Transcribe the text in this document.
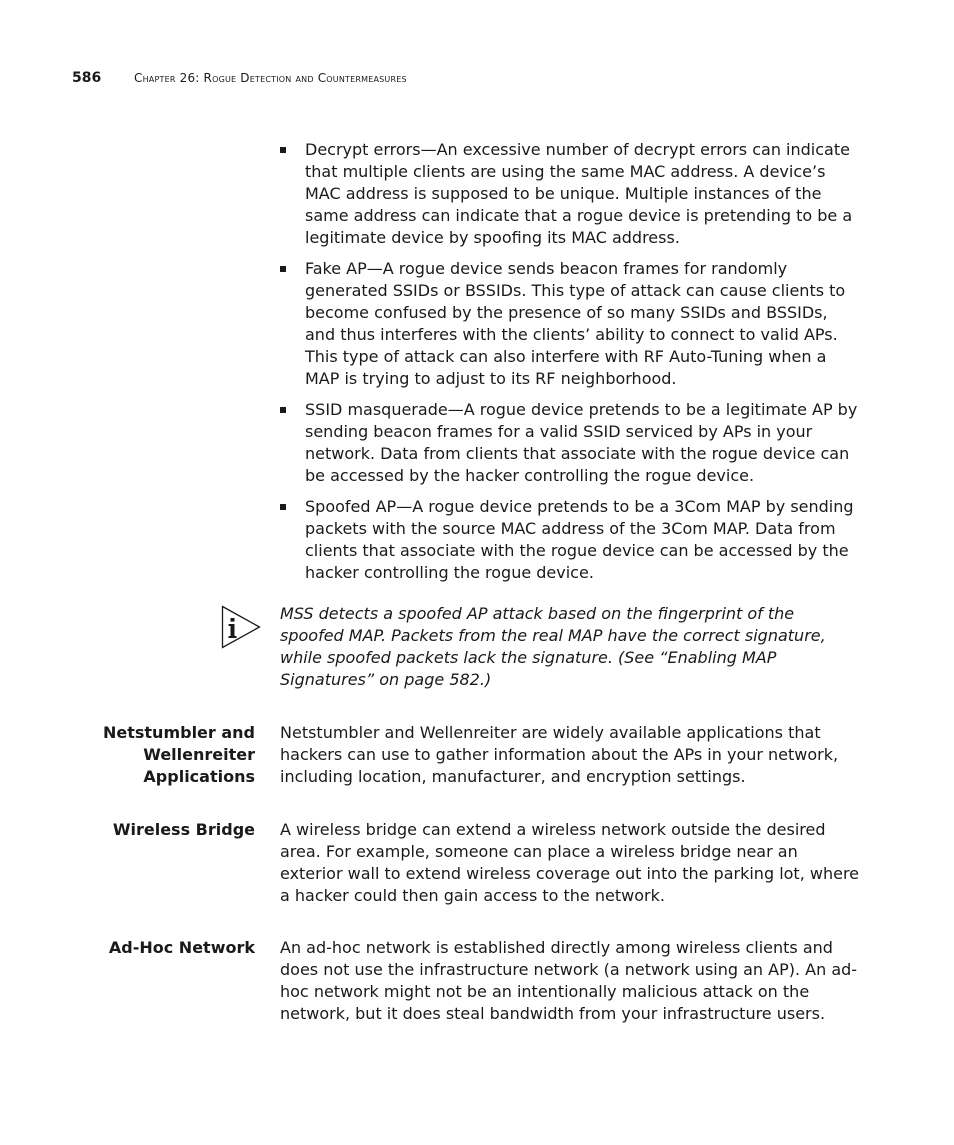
586	Chapter 26: Rogue Detection and Countermeasures
Decrypt errors—An excessive number of decrypt errors can indicate that multiple clients are using the same MAC address. A device’s MAC address is supposed to be unique. Multiple instances of the same address can indicate that a rogue device is pretending to be a legitimate device by spoofing its MAC address.
Fake AP—A rogue device sends beacon frames for randomly generated SSIDs or BSSIDs. This type of attack can cause clients to become confused by the presence of so many SSIDs and BSSIDs, and thus interferes with the clients’ ability to connect to valid APs. This type of attack can also interfere with RF Auto-Tuning when a MAP is trying to adjust to its RF neighborhood.
SSID masquerade—A rogue device pretends to be a legitimate AP by sending beacon frames for a valid SSID serviced by APs in your network. Data from clients that associate with the rogue device can be accessed by the hacker controlling the rogue device.
Spoofed AP—A rogue device pretends to be a 3Com MAP by sending packets with the source MAC address of the 3Com MAP. Data from clients that associate with the rogue device can be accessed by the hacker controlling the rogue device.
MSS detects a spoofed AP attack based on the fingerprint of the spoofed MAP. Packets from the real MAP have the correct signature, while spoofed packets lack the signature. (See “Enabling MAP Signatures” on page 582.)
Netstumbler and Wellenreiter Applications
Netstumbler and Wellenreiter are widely available applications that hackers can use to gather information about the APs in your network, including location, manufacturer, and encryption settings.
Wireless Bridge A wireless bridge can extend a wireless network outside the desired area. For example, someone can place a wireless bridge near an exterior wall to extend wireless coverage out into the parking lot, where a hacker could then gain access to the network.
Ad-Hoc Network An ad-hoc network is established directly among wireless clients and does not use the infrastructure network (a network using an AP). An ad-hoc network might not be an intentionally malicious attack on the network, but it does steal bandwidth from your infrastructure users.
